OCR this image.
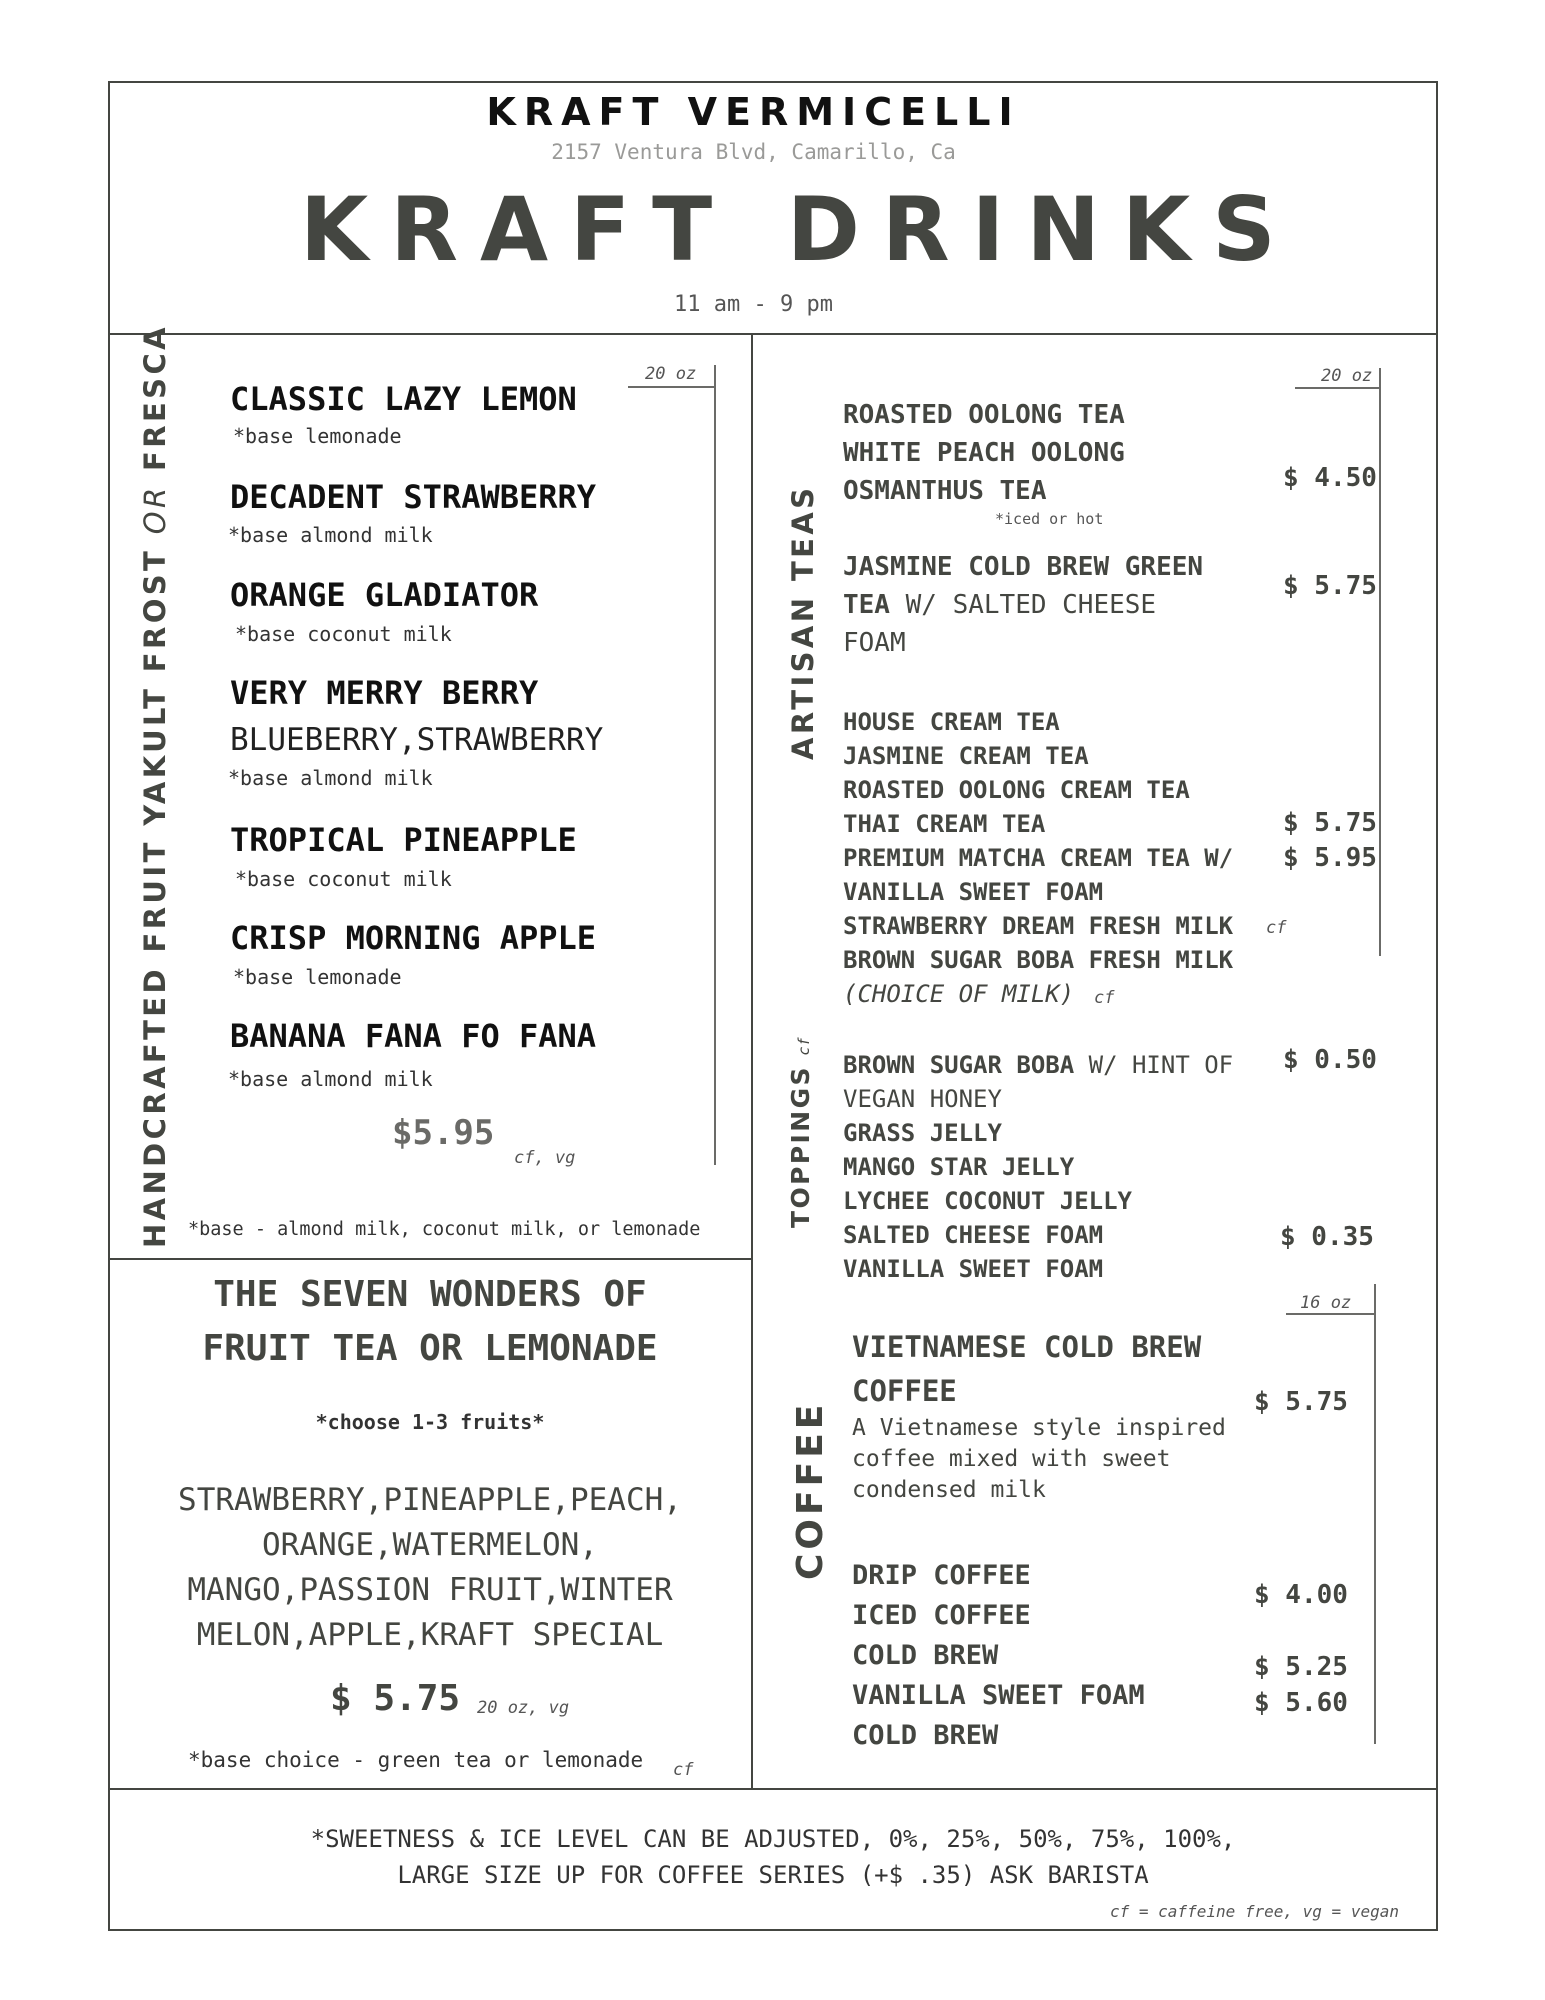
KRAFT VERMICELLI
2157 Ventura Blvd, Camarillo, Ca
KRAFT DRINKS
11 am - 9 pm
HANDCRAFTED FRUIT YAKULT FROST OR FRESCA	20 oz
CLASSIC LAZY LEMON
*base lemonade
DECADENT STRAWBERRY
*base almond milk
ORANGE GLADIATOR
*base coconut milk
VERY MERRY BERRY
BLUEBERRY,STRAWBERRY
*base almond milk
TROPICAL PINEAPPLE
*base coconut milk
CRISP MORNING APPLE
*base lemonade
BANANA FANA FO FANA
*base almond milk
$5.95
cf, vg
*base - almond milk, coconut milk, or lemonade
THE SEVEN WONDERS OF
FRUIT TEA OR LEMONADE
*choose 1-3 fruits*
STRAWBERRY,PINEAPPLE,PEACH,
ORANGE,WATERMELON,
MANGO,PASSION FRUIT,WINTER
MELON,APPLE,KRAFT SPECIAL
$ 5.75 20 oz, vg
*base choice - green tea or lemonade cf
ARTISAN TEAS
20 oz
ROASTED OOLONG TEA
WHITE PEACH OOLONG
OSMANTHUS TEA	$ 4.50
*iced or hot
JASMINE COLD BREW GREEN
TEA W/ SALTED CHEESE
FOAM
$ 5.75
HOUSE CREAM TEA
JASMINE CREAM TEA
ROASTED OOLONG CREAM TEA
THAI CREAM TEA
PREMIUM MATCHA CREAM TEA W/
VANILLA SWEET FOAM
STRAWBERRY DREAM FRESH MILK cf
BROWN SUGAR BOBA FRESH MILK
(CHOICE OF MILK) cf
$ 5.75
$ 5.95
TOPPINGScf
BROWN SUGAR BOBA W/ HINT OF
VEGAN HONEY
GRASS JELLY
MANGO STAR JELLY
LYCHEE COCONUT JELLY
SALTED CHEESE FOAM
VANILLA SWEET FOAM
$ 0.50
$ 0.35
COFFEE
16 oz
VIETNAMESE COLD BREW
COFFEE
A Vietnamese style inspired
coffee mixed with sweet
condensed milk
$ 5.75
DRIP COFFEE
ICED COFFEE
COLD BREW
VANILLA SWEET FOAM
COLD BREW
$ 4.00
$ 5.25
$ 5.60
*SWEETNESS & ICE LEVEL CAN BE ADJUSTED, 0%, 25%, 50%, 75%, 100%,
LARGE SIZE UP FOR COFFEE SERIES (+$ .35) ASK BARISTA
cf = caffeine free, vg = vegan
